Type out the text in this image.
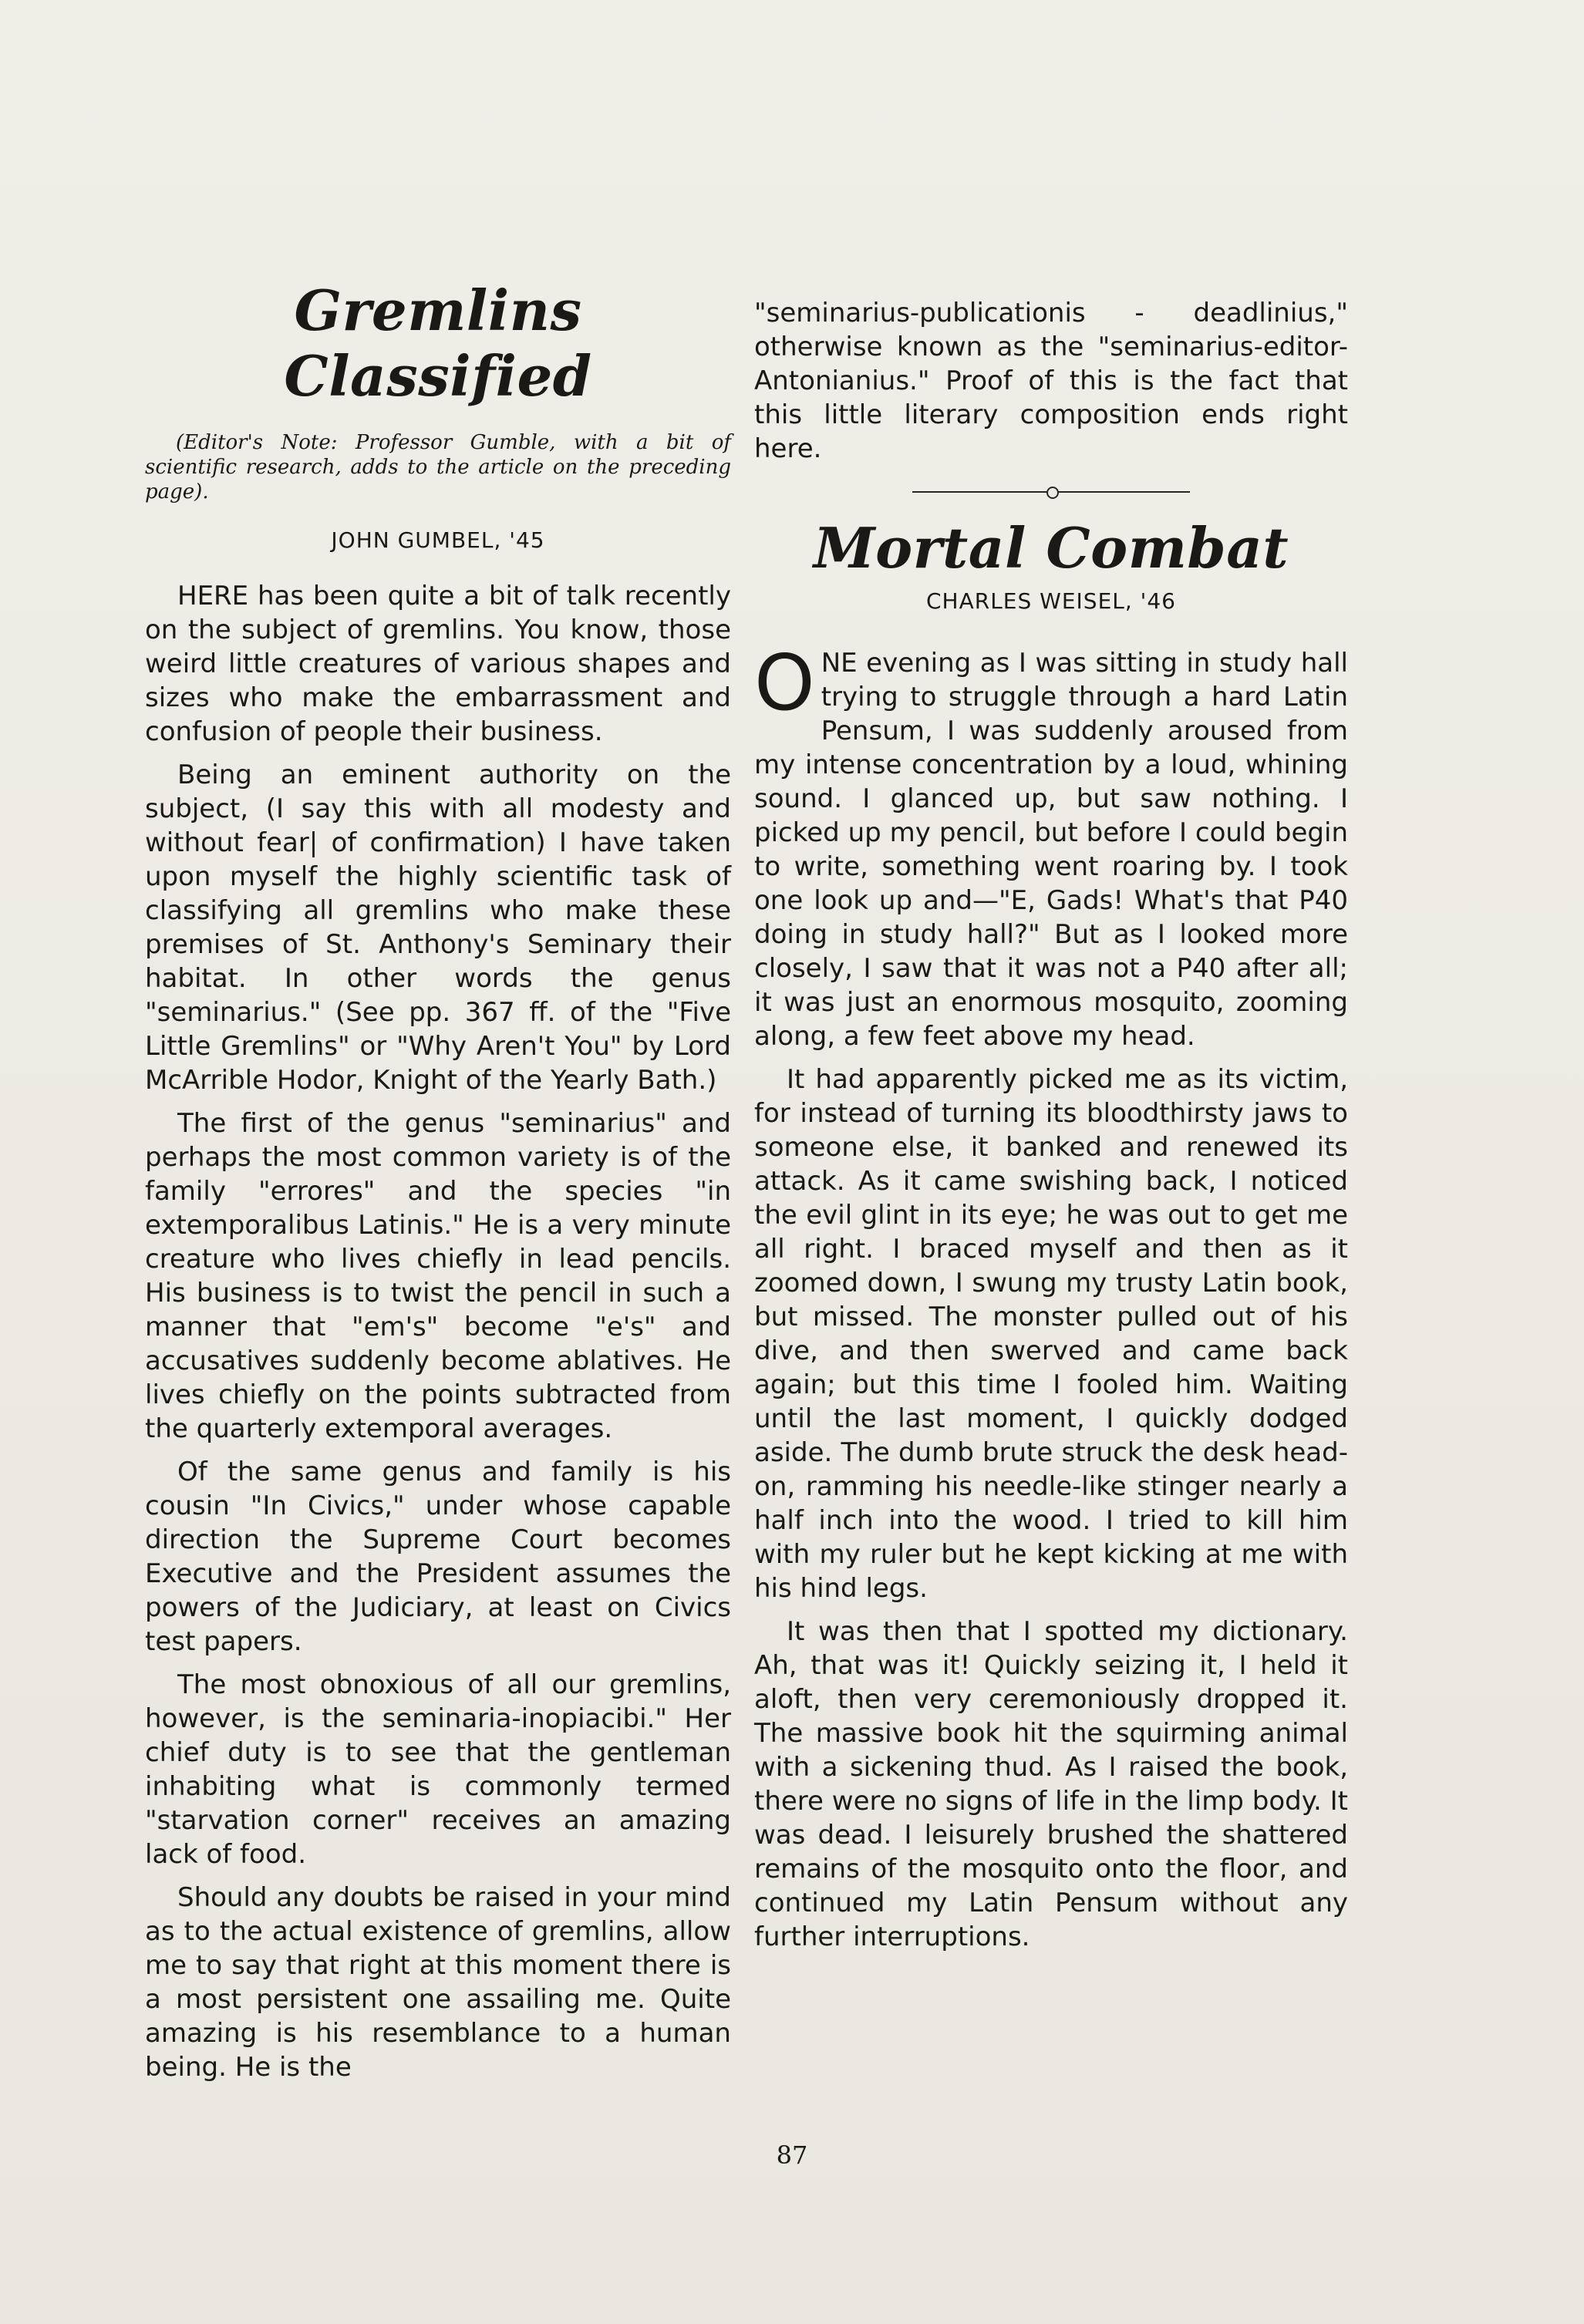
Gremlins Classified

(Editor's Note: Professor Gumble, with a bit of scientific research, adds to the article on the preceding page).

JOHN GUMBEL, '45

HERE has been quite a bit of talk recently on the subject of gremlins. You know, those weird little creatures of various shapes and sizes who make the embarrassment and confusion of people their business.

Being an eminent authority on the subject, (I say this with all modesty and without fear| of confirmation) I have taken upon myself the highly scientific task of classifying all gremlins who make these premises of St. Anthony's Seminary their habitat. In other words the genus "seminarius." (See pp. 367 ff. of the "Five Little Gremlins" or "Why Aren't You" by Lord McArrible Hodor, Knight of the Yearly Bath.)

The first of the genus "seminarius" and perhaps the most common variety is of the family "errores" and the species "in extemporalibus Latinis." He is a very minute creature who lives chiefly in lead pencils. His business is to twist the pencil in such a manner that "em's" become "e's" and accusatives suddenly become ablatives. He lives chiefly on the points subtracted from the quarterly extemporal averages.

Of the same genus and family is his cousin "In Civics," under whose capable direction the Supreme Court becomes Executive and the President assumes the powers of the Judiciary, at least on Civics test papers.

The most obnoxious of all our gremlins, however, is the seminaria-inopiacibi." Her chief duty is to see that the gentleman inhabiting what is commonly termed "starvation corner" receives an amazing lack of food.

Should any doubts be raised in your mind as to the actual existence of gremlins, allow me to say that right at this moment there is a most persistent one assailing me. Quite amazing is his resemblance to a human being. He is the

"seminarius-publicationis - deadlinius," otherwise known as the "seminarius-editor-Antonianius." Proof of this is the fact that this little literary composition ends right here.

Mortal Combat
CHARLES WEISEL, '46

ONE evening as I was sitting in study hall trying to struggle through a hard Latin Pensum, I was suddenly aroused from my intense concentration by a loud, whining sound. I glanced up, but saw nothing. I picked up my pencil, but before I could begin to write, something went roaring by. I took one look up and—"E, Gads! What's that P40 doing in study hall?" But as I looked more closely, I saw that it was not a P40 after all; it was just an enormous mosquito, zooming along, a few feet above my head.

It had apparently picked me as its victim, for instead of turning its bloodthirsty jaws to someone else, it banked and renewed its attack. As it came swishing back, I noticed the evil glint in its eye; he was out to get me all right. I braced myself and then as it zoomed down, I swung my trusty Latin book, but missed. The monster pulled out of his dive, and then swerved and came back again; but this time I fooled him. Waiting until the last moment, I quickly dodged aside. The dumb brute struck the desk head-on, ramming his needle-like stinger nearly a half inch into the wood. I tried to kill him with my ruler but he kept kicking at me with his hind legs.

It was then that I spotted my dictionary. Ah, that was it! Quickly seizing it, I held it aloft, then very ceremoniously dropped it. The massive book hit the squirming animal with a sickening thud. As I raised the book, there were no signs of life in the limp body. It was dead. I leisurely brushed the shattered remains of the mosquito onto the floor, and continued my Latin Pensum without any further interruptions.

87
